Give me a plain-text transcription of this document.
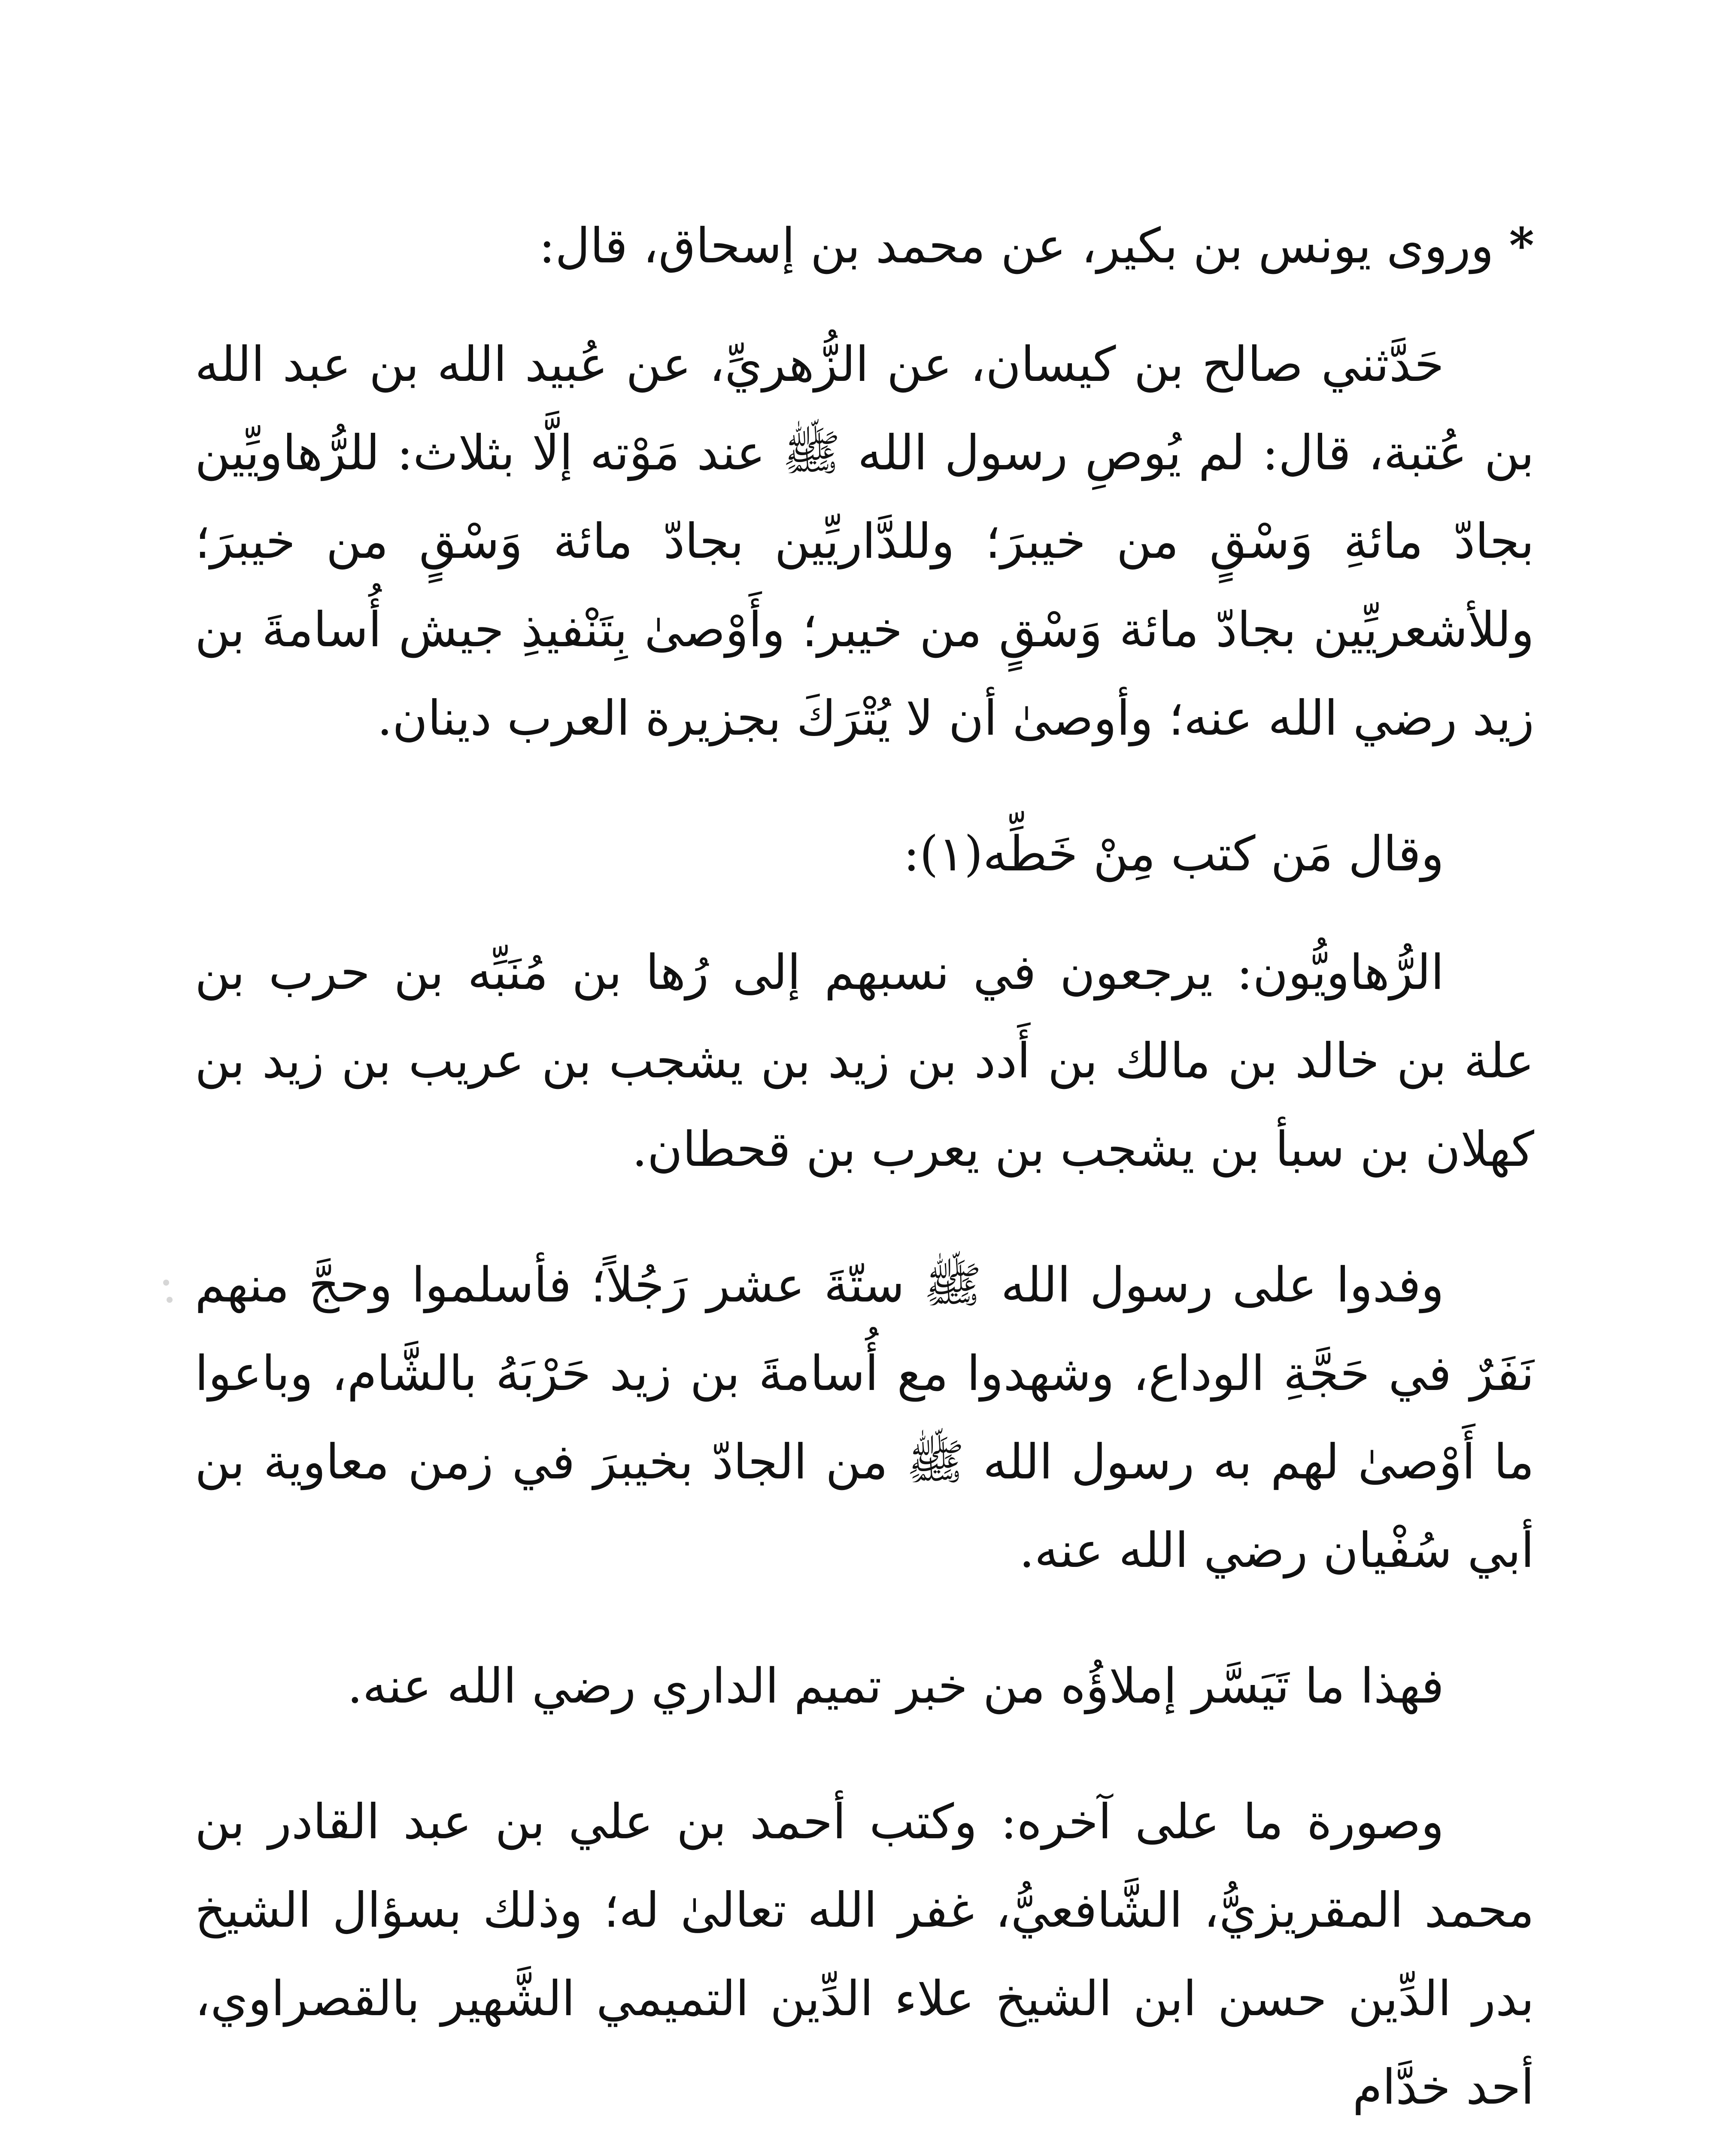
* وروى يونس بن بكير، عن محمد بن إسحاق، قال:

حَدَّثني صالح بن كيسان، عن الزُّهريِّ، عن عُبيد الله بن عبد الله بن عُتبة، قال: لم يُوصِ رسول الله ﷺ عند مَوْته إلَّا بثلاث: للرُّهاويِّين بجادّ مائةِ وَسْقٍ من خيبرَ؛ وللدَّاريِّين بجادّ مائة وَسْقٍ من خيبرَ؛ وللأشعريِّين بجادّ مائة وَسْقٍ من خيبر؛ وأَوْصىٰ بِتَنْفيذِ جيش أُسامةَ بن زيد رضي الله عنه؛ وأوصىٰ أن لا يُتْرَكَ بجزيرة العرب دينان.

وقال مَن كتب مِنْ خَطِّه(١):

الرُّهاويُّون: يرجعون في نسبهم إلى رُها بن مُنَبِّه بن حرب بن علة بن خالد بن مالك بن أَدد بن زيد بن يشجب بن عريب بن زيد بن كهلان بن سبأ بن يشجب بن يعرب بن قحطان.

وفدوا على رسول الله ﷺ ستّةَ عشر رَجُلاً؛ فأسلموا وحجَّ منهم نَفَرٌ في حَجَّةِ الوداع، وشهدوا مع أُسامةَ بن زيد حَرْبَهُ بالشَّام، وباعوا ما أَوْصىٰ لهم به رسول الله ﷺ من الجادّ بخيبرَ في زمن معاوية بن أبي سُفْيان رضي الله عنه.

فهذا ما تَيَسَّر إملاؤُه من خبر تميم الداري رضي الله عنه.

وصورة ما على آخره: وكتب أحمد بن علي بن عبد القادر بن محمد المقريزيُّ، الشَّافعيُّ، غفر الله تعالىٰ له؛ وذلك بسؤال الشيخ بدر الدِّين حسن ابن الشيخ علاء الدِّين التميمي الشَّهير بالقصراوي، أحد خدَّام
